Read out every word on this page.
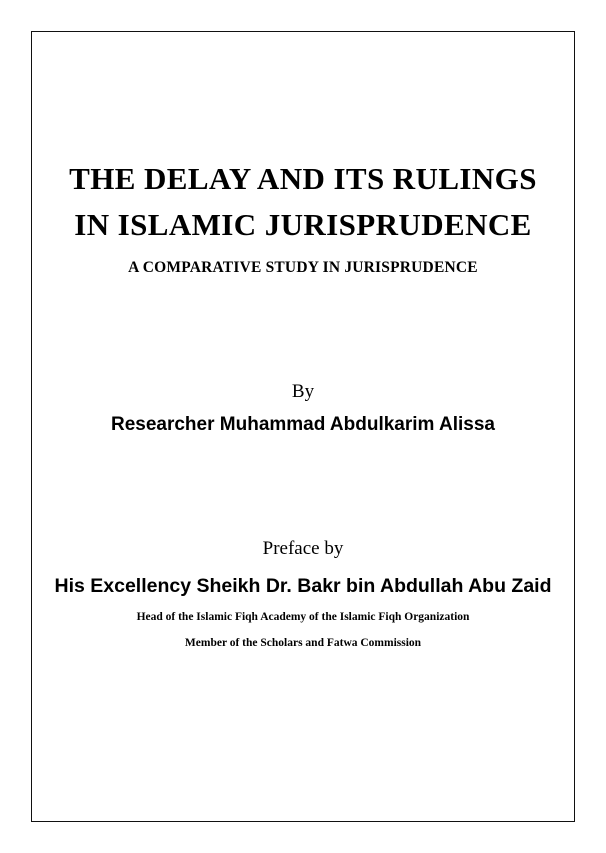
THE DELAY AND ITS RULINGS
IN ISLAMIC JURISPRUDENCE
A COMPARATIVE STUDY IN JURISPRUDENCE
By
Researcher Muhammad Abdulkarim Alissa
Preface by
His Excellency Sheikh Dr. Bakr bin Abdullah Abu Zaid
Head of the Islamic Fiqh Academy of the Islamic Fiqh Organization
Member of the Scholars and Fatwa Commission
